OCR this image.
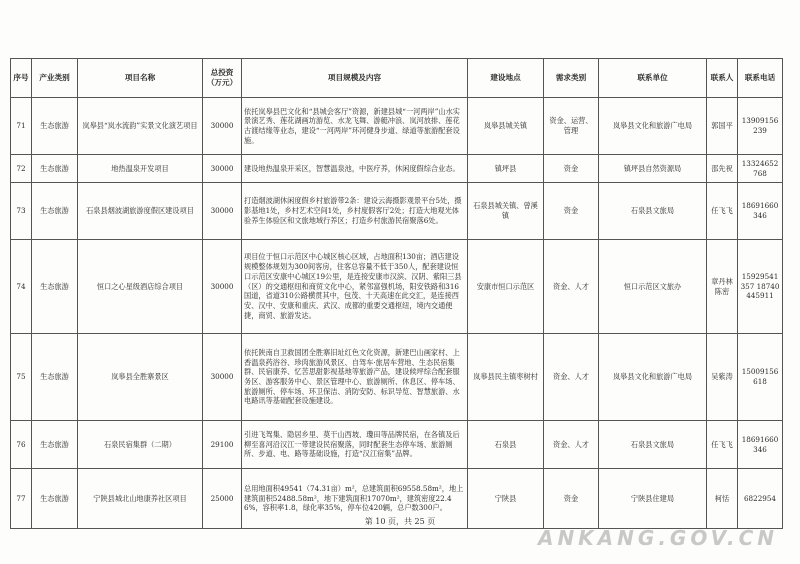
序号	产业类别	项目名称	总投资（万元）	项目规模及内容	建设地点	需求类别	联系单位	联系人	联系电话
71	生态旅游	岚皋县“岚水流韵”实景文化演艺项目	30000	依托岚皋县巴文化和“县城会客厅”资源，新建县城“一河两岸”山水实景演艺秀、莲花湖画坊游览、水龙飞舞、游艇冲浪、岚河放排、莲花古渡结缘等业态，建设“一河两岸”环河健身步道、绿道等旅游配套设施。	岚皋县城关镇	资金、运营、管理	岚皋县文化和旅游广电局	郭国平	13909156239
72	生态旅游	地热温泉开发项目	30000	建设地热温泉开采区，智慧温泉池，中医疗养，休闲度假综合业态。	镇坪县	资金	镇坪县自然资源局	邵先祝	13324652768
73	生态旅游	石泉县烟波湖旅游度假区建设项目	30000	打造烟波湖休闲度假乡村旅游带2条：建设云海摄影观景平台5处，摄影基地1处，乡村艺术空间1处，乡村度假客厅2处；打造大地观光体验养生体验区和文旅地域行养区；打造乡村旅游民宿聚落6处。	石泉县城关镇、曾溪镇	资金	石泉县文旅局	任飞飞	18691660346
74	生态旅游	恒口之心星级酒店综合项目	30000	项目位于恒口示范区中心城区核心区域，占地面积130亩；酒店建设规模整体规划为300间客房，住客总容量不低于350人，配套建设恒口示范区安康中心城区19公里，是连接安康市汉滨、汉阴、紫阳三县（区）的交通枢纽和商贸文化中心，紧邻富强机场，阳安铁路和316国道，省道310公路横贯其中，包茂、十天高速在此交汇，是连接西安、汉中、安康和重庆、武汉、成都的重要交通枢纽，境内交通便捷，商贸、旅游发达。	安康市恒口示范区	资金、人才	恒口示范区文旅办	章丹林 陈密	15929541357 18740445911
75	生态旅游	岚皋县全胜寨景区	30000	依托陕南自卫救国团全胜寨旧址红色文化资源，新建巴山画家村、上香温泉药浴谷、珍肉旅游风景区、自驾车·旅居车营地、生态民宿集群、民宿康养、忆苦思甜影视基地等旅游产品，建设候坪综合配套服务区、游客服务中心、景区管理中心、旅游厕所、休息区、停车场、旅游厕所、停车场、环卫保洁、消防安防、标识导览、智慧旅游、水电路讯等基础配套设施建设。	岚皋县民主镇枣树村	资金、人才	岚皋县文化和旅游广电局	吴紫涛	15009156618
76	生态旅游	石泉民宿集群（二期）	29100	引进飞驾集、隐居乡里、莫干山西坡、瓊田等品牌民宿，在各镇及后柳至喜河沿汉江一带建设民宿聚落，同时配套生态停车场、旅游厕所、步道、电、路等基础设施，打造“汉江宿集”品牌。	石泉县	资金、人才	石泉县文旅局	任飞飞	18691660346
77	生态旅游	宁陕县城北山地康养社区项目	25000	总用地面积49541（74.31亩）m²，总建筑面积69558.58m²，地上建筑面积52488.58m²，地下建筑面积17070m²，建筑密度22.46%，容积率1.8，绿化率35%，停车位420辆，总户数300户。	宁陕县	资金	宁陕县住建局	柯恬	6822954
第 10 页，共 25 页
ANKANG.GOV.CN
